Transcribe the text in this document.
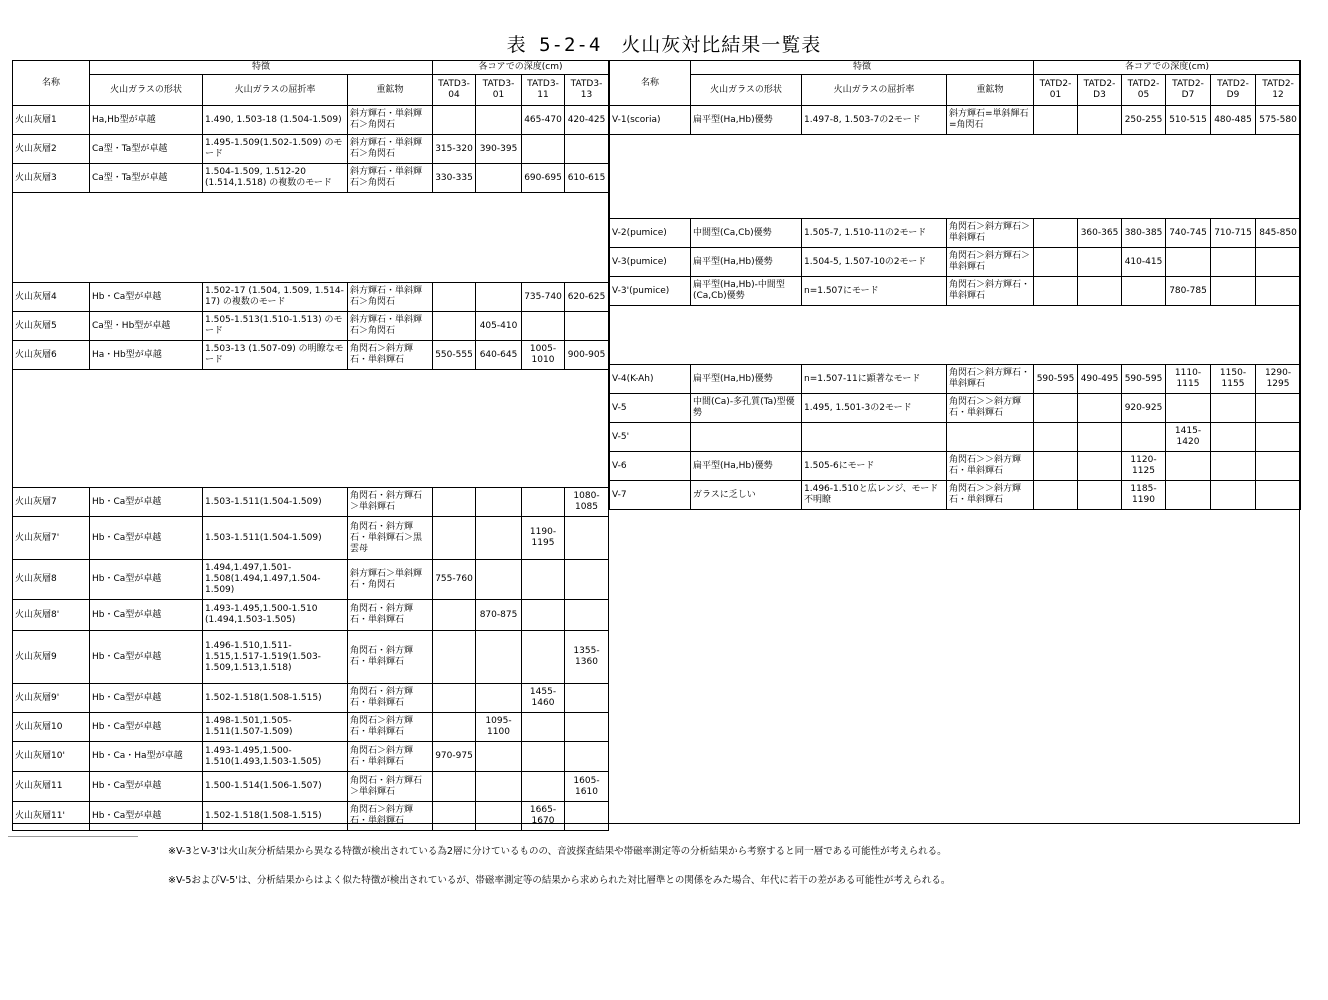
表 5-2-4　火山灰対比結果一覧表
名称	特徴			各コアでの深度(cm)			
	火山ガラスの形状	火山ガラスの屈折率	重鉱物	TATD3-04	TATD3-01	TATD3-11	TATD3-13
火山灰層1	Ha,Hb型が卓越	1.490, 1.503-18 (1.504-1.509)	斜方輝石・単斜輝石＞角閃石			465-470	420-425
火山灰層2	Ca型・Ta型が卓越	1.495-1.509(1.502-1.509) のモード	斜方輝石・単斜輝石＞角閃石	315-320	390-395		
火山灰層3	Ca型・Ta型が卓越	1.504-1.509, 1.512-20 (1.514,1.518) の複数のモード	斜方輝石・単斜輝石＞角閃石	330-335		690-695	610-615

火山灰層4	Hb・Ca型が卓越	1.502-17 (1.504, 1.509, 1.514-17) の複数のモード	斜方輝石・単斜輝石＞角閃石			735-740	620-625
火山灰層5	Ca型・Hb型が卓越	1.505-1.513(1.510-1.513) のモード	斜方輝石・単斜輝石＞角閃石		405-410		
火山灰層6	Ha・Hb型が卓越	1.503-13 (1.507-09) の明瞭なモード	角閃石＞斜方輝石・単斜輝石	550-555	640-645	1005-1010	900-905

火山灰層7	Hb・Ca型が卓越	1.503-1.511(1.504-1.509)	角閃石・斜方輝石＞単斜輝石				1080-1085
火山灰層7'	Hb・Ca型が卓越	1.503-1.511(1.504-1.509)	角閃石・斜方輝石・単斜輝石＞黒雲母			1190-1195	
火山灰層8	Hb・Ca型が卓越	1.494,1.497,1.501-1.508(1.494,1.497,1.504-1.509)	斜方輝石＞単斜輝石・角閃石	755-760			
火山灰層8'	Hb・Ca型が卓越	1.493-1.495,1.500-1.510 (1.494,1.503-1.505)	角閃石・斜方輝石・単斜輝石		870-875		
火山灰層9	Hb・Ca型が卓越	1.496-1.510,1.511-1.515,1.517-1.519(1.503-1.509,1.513,1.518)	角閃石・斜方輝石・単斜輝石				1355-1360
火山灰層9'	Hb・Ca型が卓越	1.502-1.518(1.508-1.515)	角閃石・斜方輝石・単斜輝石			1455-1460	
火山灰層10	Hb・Ca型が卓越	1.498-1.501,1.505-1.511(1.507-1.509)	角閃石＞斜方輝石・単斜輝石		1095-1100		
火山灰層10'	Hb・Ca・Ha型が卓越	1.493-1.495,1.500-1.510(1.493,1.503-1.505)	角閃石＞斜方輝石・単斜輝石	970-975			
火山灰層11	Hb・Ca型が卓越	1.500-1.514(1.506-1.507)	角閃石・斜方輝石＞単斜輝石				1605-1610
火山灰層11'	Hb・Ca型が卓越	1.502-1.518(1.508-1.515)	角閃石＞斜方輝石・単斜輝石			1665-1670	
名称	特徴			各コアでの深度(cm)					
	火山ガラスの形状	火山ガラスの屈折率	重鉱物	TATD2-01	TATD2-D3	TATD2-05	TATD2-D7	TATD2-D9	TATD2-12
V-1(scoria)	扁平型(Ha,Hb)優勢	1.497-8, 1.503-7の2モード	斜方輝石=単斜輝石=角閃石			250-255	510-515	480-485	575-580

V-2(pumice)	中間型(Ca,Cb)優勢	1.505-7, 1.510-11の2モード	角閃石＞斜方輝石＞単斜輝石		360-365	380-385	740-745	710-715	845-850
V-3(pumice)	扁平型(Ha,Hb)優勢	1.504-5, 1.507-10の2モード	角閃石＞斜方輝石＞単斜輝石			410-415			
V-3'(pumice)	扁平型(Ha,Hb)-中間型(Ca,Cb)優勢	n=1.507にモード	角閃石＞斜方輝石・単斜輝石				780-785		

V-4(K-Ah)	扁平型(Ha,Hb)優勢	n=1.507-11に顕著なモード	角閃石＞斜方輝石・単斜輝石	590-595	490-495	590-595	1110-1115	1150-1155	1290-1295
V-5	中間(Ca)-多孔質(Ta)型優勢	1.495, 1.501-3の2モード	角閃石＞＞斜方輝石・単斜輝石			920-925			
V-5'							1415-1420		
V-6	扁平型(Ha,Hb)優勢	1.505-6にモード	角閃石＞＞斜方輝石・単斜輝石			1120-1125			
V-7	ガラスに乏しい	1.496-1.510と広レンジ、モード不明瞭	角閃石＞＞斜方輝石・単斜輝石			1185-1190			
※V-3とV-3'は火山灰分析結果から異なる特徴が検出されている為2層に分けているものの、音波探査結果や帯磁率測定等の分析結果から考察すると同一層である可能性が考えられる。
※V-5およびV-5'は、分析結果からはよく似た特徴が検出されているが、帯磁率測定等の結果から求められた対比層準との関係をみた場合、年代に若干の差がある可能性が考えられる。
